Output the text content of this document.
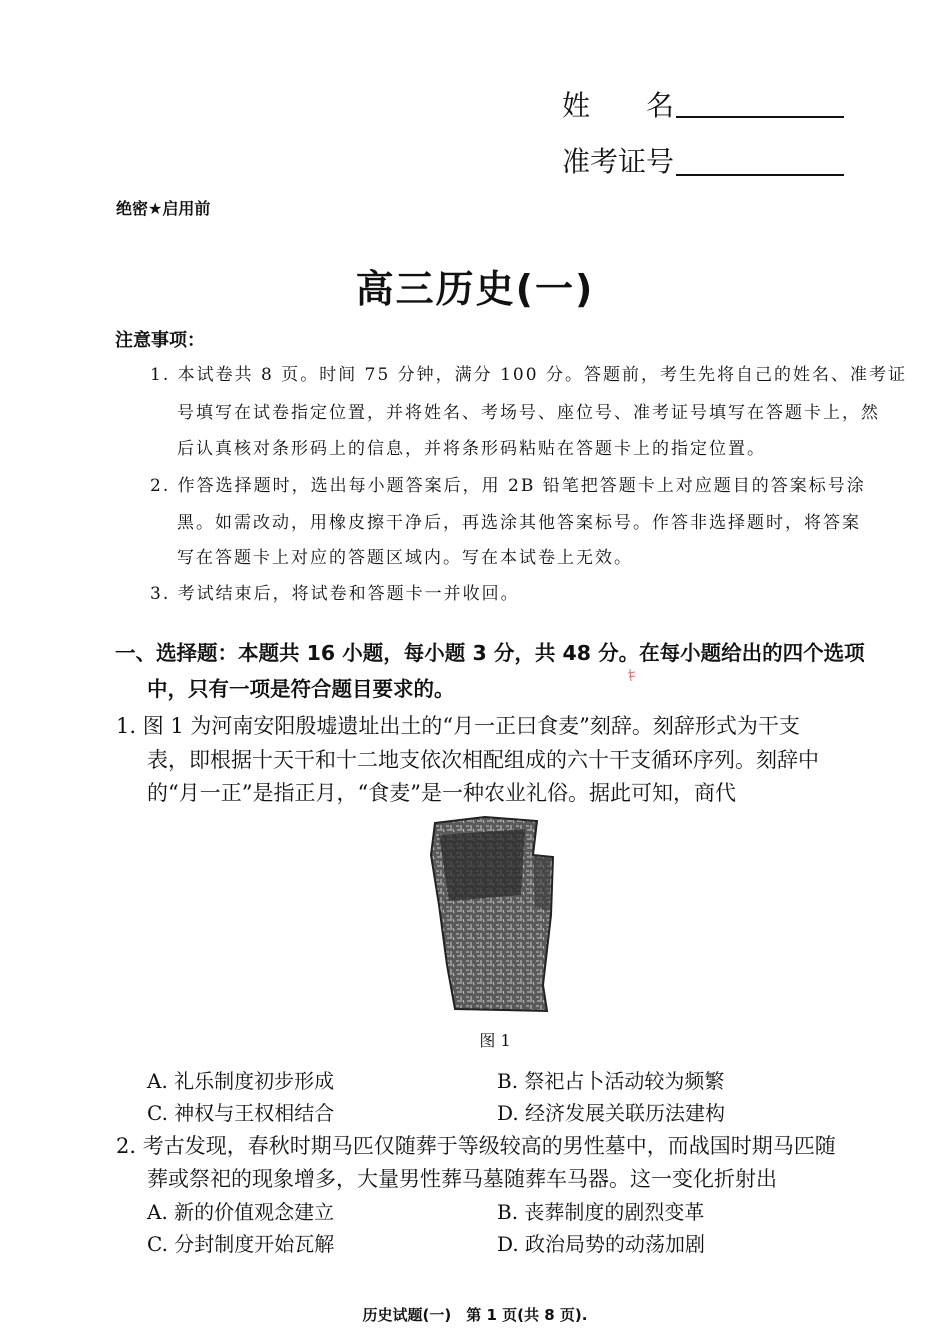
姓　　名
准考证号
绝密★启用前
高三历史(一)
注意事项：
1. 本试卷共 8 页。时间 75 分钟，满分 100 分。答题前，考生先将自己的姓名、准考证
号填写在试卷指定位置，并将姓名、考场号、座位号、准考证号填写在答题卡上，然
后认真核对条形码上的信息，并将条形码粘贴在答题卡上的指定位置。
2. 作答选择题时，选出每小题答案后，用 2B 铅笔把答题卡上对应题目的答案标号涂
黑。如需改动，用橡皮擦干净后，再选涂其他答案标号。作答非选择题时，将答案
写在答题卡上对应的答题区域内。写在本试卷上无效。
3. 考试结束后，将试卷和答题卡一并收回。
一、选择题：本题共 16 小题，每小题 3 分，共 48 分。在每小题给出的四个选项
中，只有一项是符合题目要求的。
1. 图 1 为河南安阳殷墟遗址出土的“月一正曰食麦”刻辞。刻辞形式为干支
表，即根据十天干和十二地支依次相配组成的六十干支循环序列。刻辞中
的“月一正”是指正月，“食麦”是一种农业礼俗。据此可知，商代
图 1
A. 礼乐制度初步形成	B. 祭祀占卜活动较为频繁
C. 神权与王权相结合	D. 经济发展关联历法建构
2. 考古发现，春秋时期马匹仅随葬于等级较高的男性墓中，而战国时期马匹随
葬或祭祀的现象增多，大量男性葬马墓随葬车马器。这一变化折射出
A. 新的价值观念建立	B. 丧葬制度的剧烈变革
C. 分封制度开始瓦解	D. 政治局势的动荡加剧
历史试题(一)　第 1 页(共 8 页).
